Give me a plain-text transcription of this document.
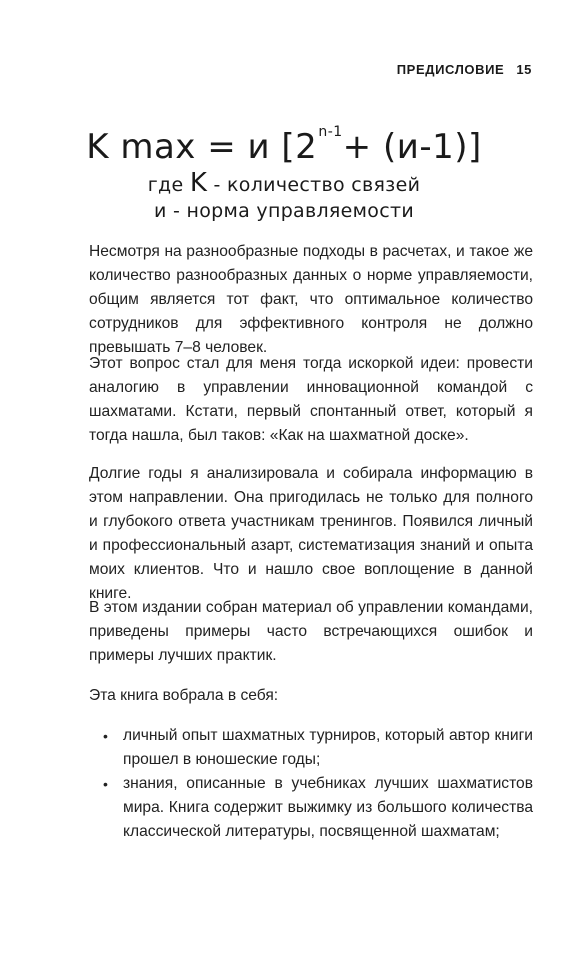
ПРЕДИСЛОВИЕ 15
K max = и $[2^{n-1}+ (и-1)]$
где K - количество связей
и - норма управляемости

Несмотря на разнообразные подходы в расчетах, и такое же количество разнообразных данных о норме управляемости, общим является тот факт, что оптимальное количество сотрудников для эффективного контроля не должно превышать 7–8 человек.

Этот вопрос стал для меня тогда искоркой идеи: провести аналогию в управлении инновационной командой с шахматами. Кстати, первый спонтанный ответ, который я тогда нашла, был таков: «Как на шахматной доске».

Долгие годы я анализировала и собирала информацию в этом направлении. Она пригодилась не только для полного и глубокого ответа участникам тренингов. Появился личный и профессиональный азарт, систематизация знаний и опыта моих клиентов. Что и нашло свое воплощение в данной книге.

В этом издании собран материал об управлении командами, приведены примеры часто встречающихся ошибок и примеры лучших практик.

Эта книга вобрала в себя:

• личный опыт шахматных турниров, который автор книги прошел в юношеские годы;
• знания, описанные в учебниках лучших шахматистов мира. Книга содержит выжимку из большого количества классической литературы, посвященной шахматам;
